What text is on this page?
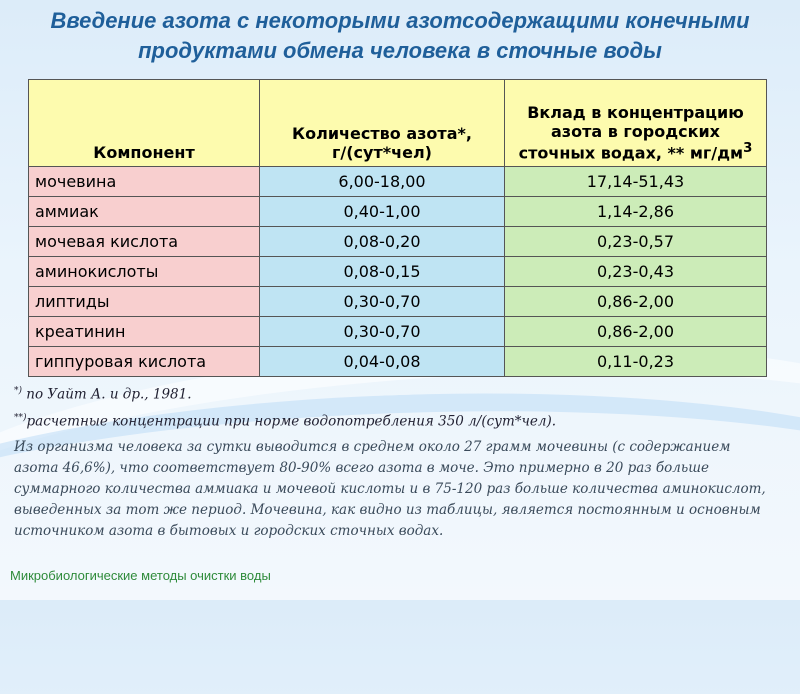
Введение азота с некоторыми азотсодержащими конечными
продуктами обмена человека в сточные воды
Компонент	Количество азота*, г/(сут*чел)	Вклад в концентрацию азота в городских сточных водах, ** $мг/дм^3$
мочевина	6,00-18,00	17,14-51,43
аммиак	0,40-1,00	1,14-2,86
мочевая кислота	0,08-0,20	0,23-0,57
аминокислоты	0,08-0,15	0,23-0,43
липтиды	0,30-0,70	0,86-2,00
креатинин	0,30-0,70	0,86-2,00
гиппуровая кислота	0,04-0,08	0,11-0,23

*) по Уайт А. и др., 1981.

**)расчетные концентрации при норме водопотребления 350 л/(сут*чел).

Из организма человека за сутки выводится в среднем около 27 грамм мочевины (с содержанием азота 46,6%), что соответствует 80-90% всего азота в моче. Это примерно в 20 раз больше суммарного количества аммиака и мочевой кислоты и в 75-120 раз больше количества аминокислот, выведенных за тот же период. Мочевина, как видно из таблицы, является постоянным и основным источником азота в бытовых и городских сточных водах.

Микробиологические методы очистки воды
